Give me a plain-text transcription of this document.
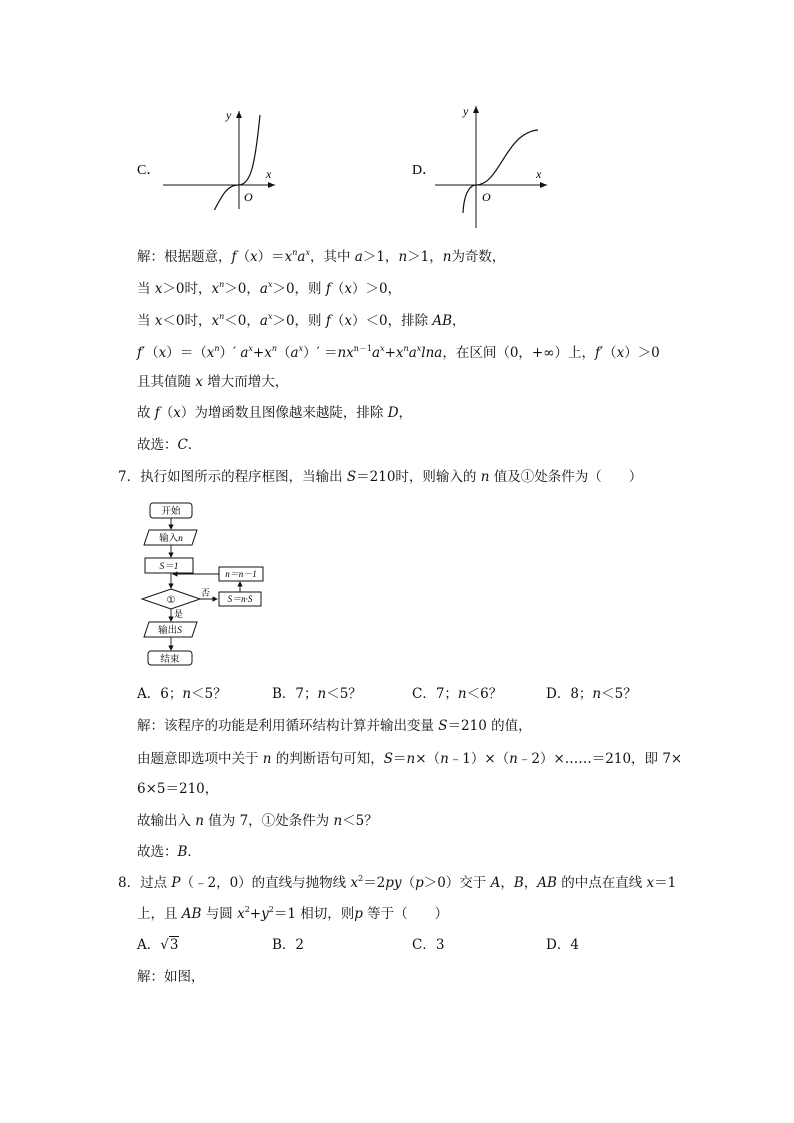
C．
y
x
O
D．
y
x
O
解：根据题意，$f(x)=x^na^x$，其中 a＞1，n＞1，n为奇数，
当 x＞0时，$x^n>0$，$a^x>0$，则 f（x）＞0，
当 x＜0时，$x^n<0$，$a^x>0$，则 f（x）＜0，排除 AB，
$f'(x)=(x^n)'$ $a^x+x^n(a^x)' =nx^{n-1}a^x+x^na^x\ln a$，在区间（0，+∞）上，f′（x）＞0
且其值随 x 增大而增大，
故 f（x）为增函数且图像越来越陡，排除 D，
故选：C．
7．执行如图所示的程序框图，当输出 S＝210时，则输入的 n 值及①处条件为（　　）
开始
输入n
S＝1
①
否
S＝n·S
n＝n－1
是
输出S
结束
A．6；n＜5？	B．7；n＜5？	C．7；n＜6？	D．8；n＜5？
解：该程序的功能是利用循环结构计算并输出变量 S＝210 的值，
由题意即选项中关于 n 的判断语句可知，S＝n×（n﹣1）×（n﹣2）×……＝210，即 7×
6×5＝210，
故输出入 n 值为 7，①处条件为 n＜5？
故选：B．
8．过点 P（﹣2，0）的直线与抛物线 $x^2=2py(p>0)$交于 A，B，AB 的中点在直线 x＝1
上，且 AB 与圆 $x^2+y^2=1$ 相切，则p 等于（　　）
A．√3	B．2	C．3	D．4
解：如图，
